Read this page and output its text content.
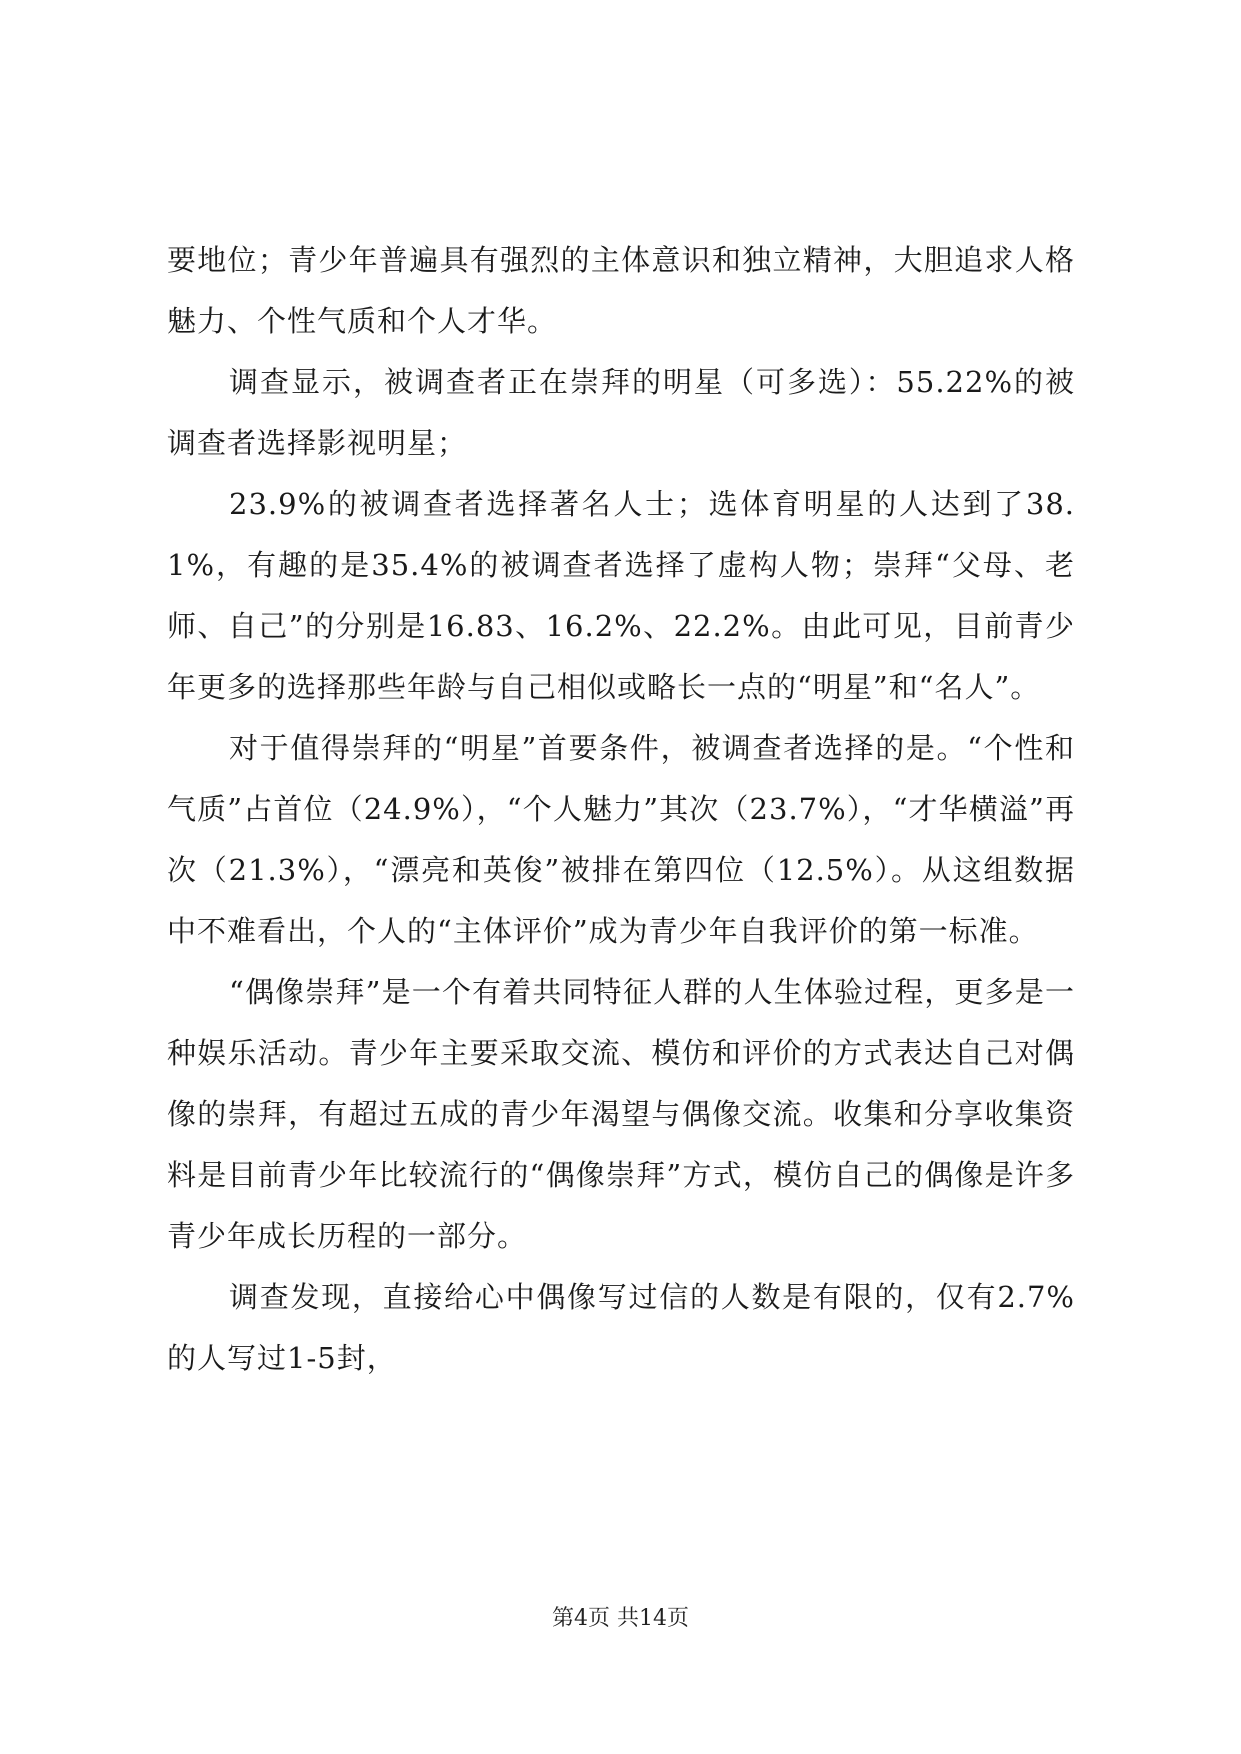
要地位；青少年普遍具有强烈的主体意识和独立精神，大胆追求人格魅力、个性气质和个人才华。

调查显示，被调查者正在崇拜的明星（可多选）：55.22%的被调查者选择影视明星；

23.9%的被调查者选择著名人士；选体育明星的人达到了38.1%，有趣的是35.4%的被调查者选择了虚构人物；崇拜“父母、老师、自己”的分别是16.83、16.2%、22.2%。由此可见，目前青少年更多的选择那些年龄与自己相似或略长一点的“明星”和“名人”。

对于值得崇拜的“明星”首要条件，被调查者选择的是。“个性和气质”占首位（24.9%），“个人魅力”其次（23.7%），“才华横溢”再次（21.3%），“漂亮和英俊”被排在第四位（12.5%）。从这组数据中不难看出，个人的“主体评价”成为青少年自我评价的第一标准。

“偶像崇拜”是一个有着共同特征人群的人生体验过程，更多是一种娱乐活动。青少年主要采取交流、模仿和评价的方式表达自己对偶像的崇拜，有超过五成的青少年渴望与偶像交流。收集和分享收集资料是目前青少年比较流行的“偶像崇拜”方式，模仿自己的偶像是许多青少年成长历程的一部分。

调查发现，直接给心中偶像写过信的人数是有限的，仅有2.7%的人写过1-5封，

第4页 共14页
